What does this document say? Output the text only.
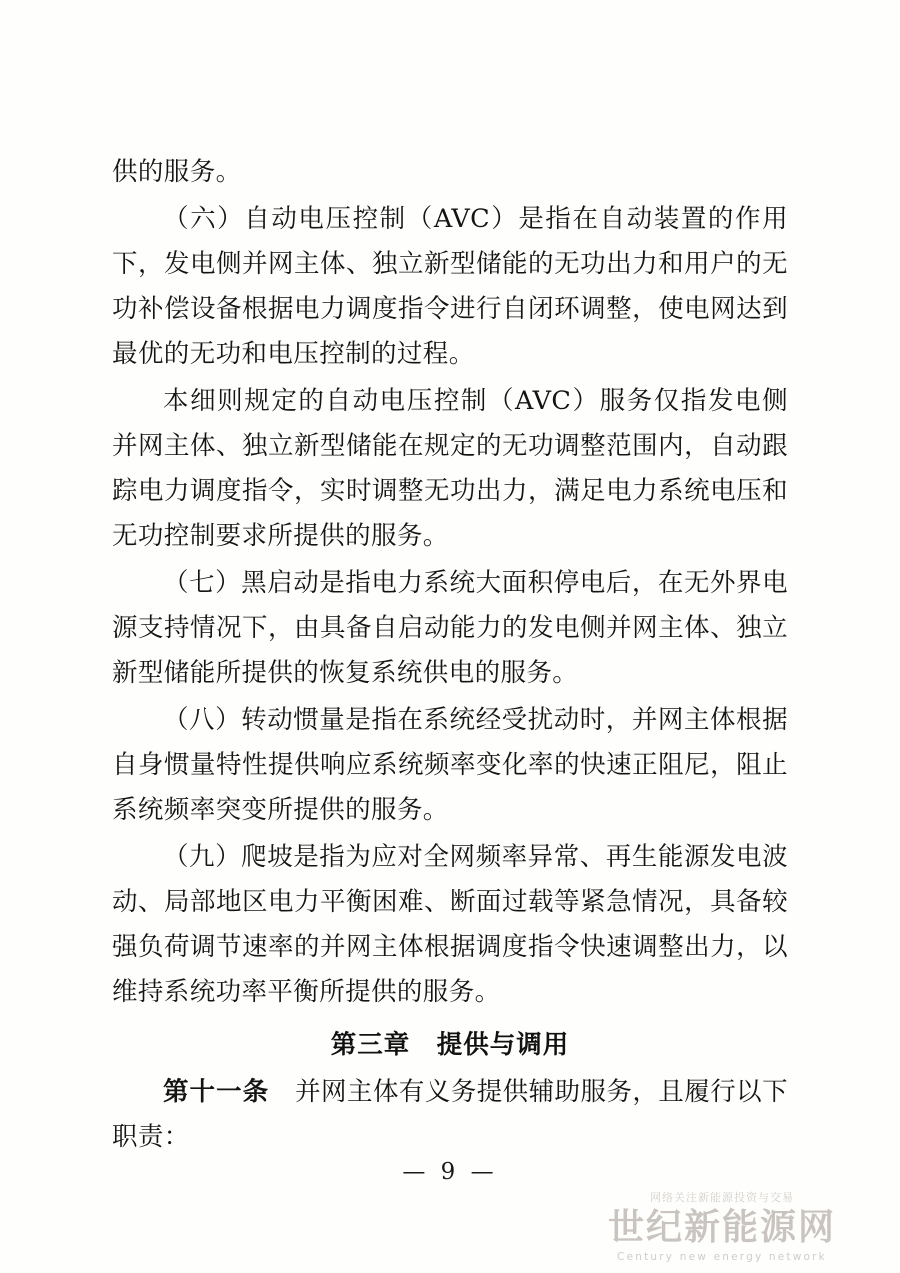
供的服务。

（六）自动电压控制（AVC）是指在自动装置的作用下，发电侧并网主体、独立新型储能的无功出力和用户的无功补偿设备根据电力调度指令进行自闭环调整，使电网达到最优的无功和电压控制的过程。

本细则规定的自动电压控制（AVC）服务仅指发电侧并网主体、独立新型储能在规定的无功调整范围内，自动跟踪电力调度指令，实时调整无功出力，满足电力系统电压和无功控制要求所提供的服务。

（七）黑启动是指电力系统大面积停电后，在无外界电源支持情况下，由具备自启动能力的发电侧并网主体、独立新型储能所提供的恢复系统供电的服务。

（八）转动惯量是指在系统经受扰动时，并网主体根据自身惯量特性提供响应系统频率变化率的快速正阻尼，阻止系统频率突变所提供的服务。

（九）爬坡是指为应对全网频率异常、再生能源发电波动、局部地区电力平衡困难、断面过载等紧急情况，具备较强负荷调节速率的并网主体根据调度指令快速调整出力，以维持系统功率平衡所提供的服务。

第三章　提供与调用

第十一条　并网主体有义务提供辅助服务，且履行以下职责：

— 9 —
网络关注新能源投资与交易
世纪新能源网
Century new energy network
